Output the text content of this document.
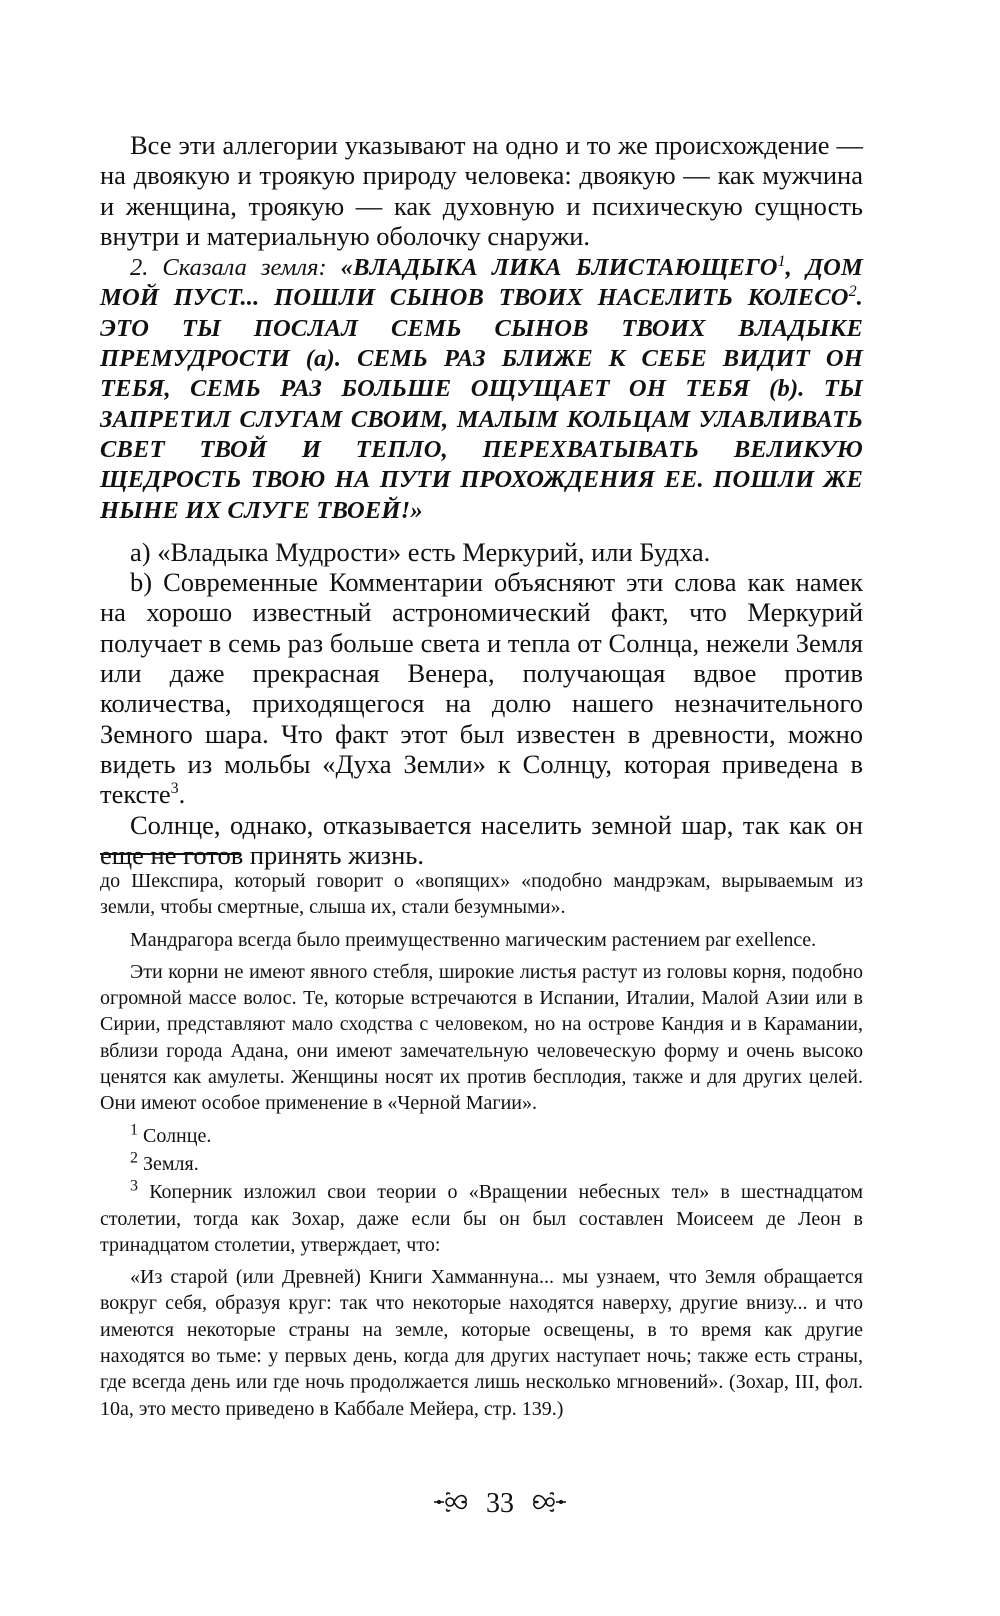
Все эти аллегории указывают на одно и то же происхождение — на двоякую и троякую природу человека: двоякую — как мужчина и женщина, троякую — как духовную и психическую сущность внутри и материальную оболочку снаружи.

2. Сказала земля: «ВЛАДЫКА ЛИКА БЛИСТАЮЩЕГО$^1$, ДОМ МОЙ ПУСТ... ПОШЛИ СЫНОВ ТВОИХ НАСЕЛИТЬ КОЛЕСО$^2$. ЭТО ТЫ ПОСЛАЛ СЕМЬ СЫНОВ ТВОИХ ВЛАДЫКЕ ПРЕМУДРОСТИ (a). СЕМЬ РАЗ БЛИЖЕ К СЕБЕ ВИДИТ ОН ТЕБЯ, СЕМЬ РАЗ БОЛЬШЕ ОЩУЩАЕТ ОН ТЕБЯ (b). ТЫ ЗАПРЕТИЛ СЛУГАМ СВОИМ, МАЛЫМ КОЛЬЦАМ УЛАВЛИВАТЬ СВЕТ ТВОЙ И ТЕПЛО, ПЕРЕХВАТЫВАТЬ ВЕЛИКУЮ ЩЕДРОСТЬ ТВОЮ НА ПУТИ ПРОХОЖДЕНИЯ ЕЕ. ПОШЛИ ЖЕ НЫНЕ ИХ СЛУГЕ ТВОЕЙ!»

a) «Владыка Мудрости» есть Меркурий, или Будха.

b) Современные Комментарии объясняют эти слова как намек на хорошо известный астрономический факт, что Меркурий получает в семь раз больше света и тепла от Солнца, нежели Земля или даже прекрасная Венера, получающая вдвое против количества, приходящегося на долю нашего незначительного Земного шара. Что факт этот был известен в древности, можно видеть из мольбы «Духа Земли» к Солнцу, которая приведена в тексте$^3$.

Солнце, однако, отказывается населить земной шар, так как он еще не готов принять жизнь.

до Шекспира, который говорит о «вопящих» «подобно мандрэкам, вырываемым из земли, чтобы смертные, слыша их, стали безумными».

Мандрагора всегда было преимущественно магическим растением par exellence.

Эти корни не имеют явного стебля, широкие листья растут из головы корня, подобно огромной массе волос. Те, которые встречаются в Испании, Италии, Малой Азии или в Сирии, представляют мало сходства с человеком, но на острове Кандия и в Карамании, вблизи города Адана, они имеют замечательную человеческую форму и очень высоко ценятся как амулеты. Женщины носят их против бесплодия, также и для других целей. Они имеют особое применение в «Черной Магии».

$^1$ Солнце.

$^2$ Земля.

$^3$ Коперник изложил свои теории о «Вращении небесных тел» в шестнадцатом столетии, тогда как Зохар, даже если бы он был составлен Моисеем де Леон в тринадцатом столетии, утверждает, что:

«Из старой (или Древней) Книги Хамманнуна... мы узнаем, что Земля обращается вокруг себя, образуя круг: так что некоторые находятся наверху, другие внизу... и что имеются некоторые страны на земле, которые освещены, в то время как другие находятся во тьме: у первых день, когда для других наступает ночь; также есть страны, где всегда день или где ночь продолжается лишь несколько мгновений». (Зохар, III, фол. 10а, это место приведено в Каббале Мейера, стр. 139.)

33
